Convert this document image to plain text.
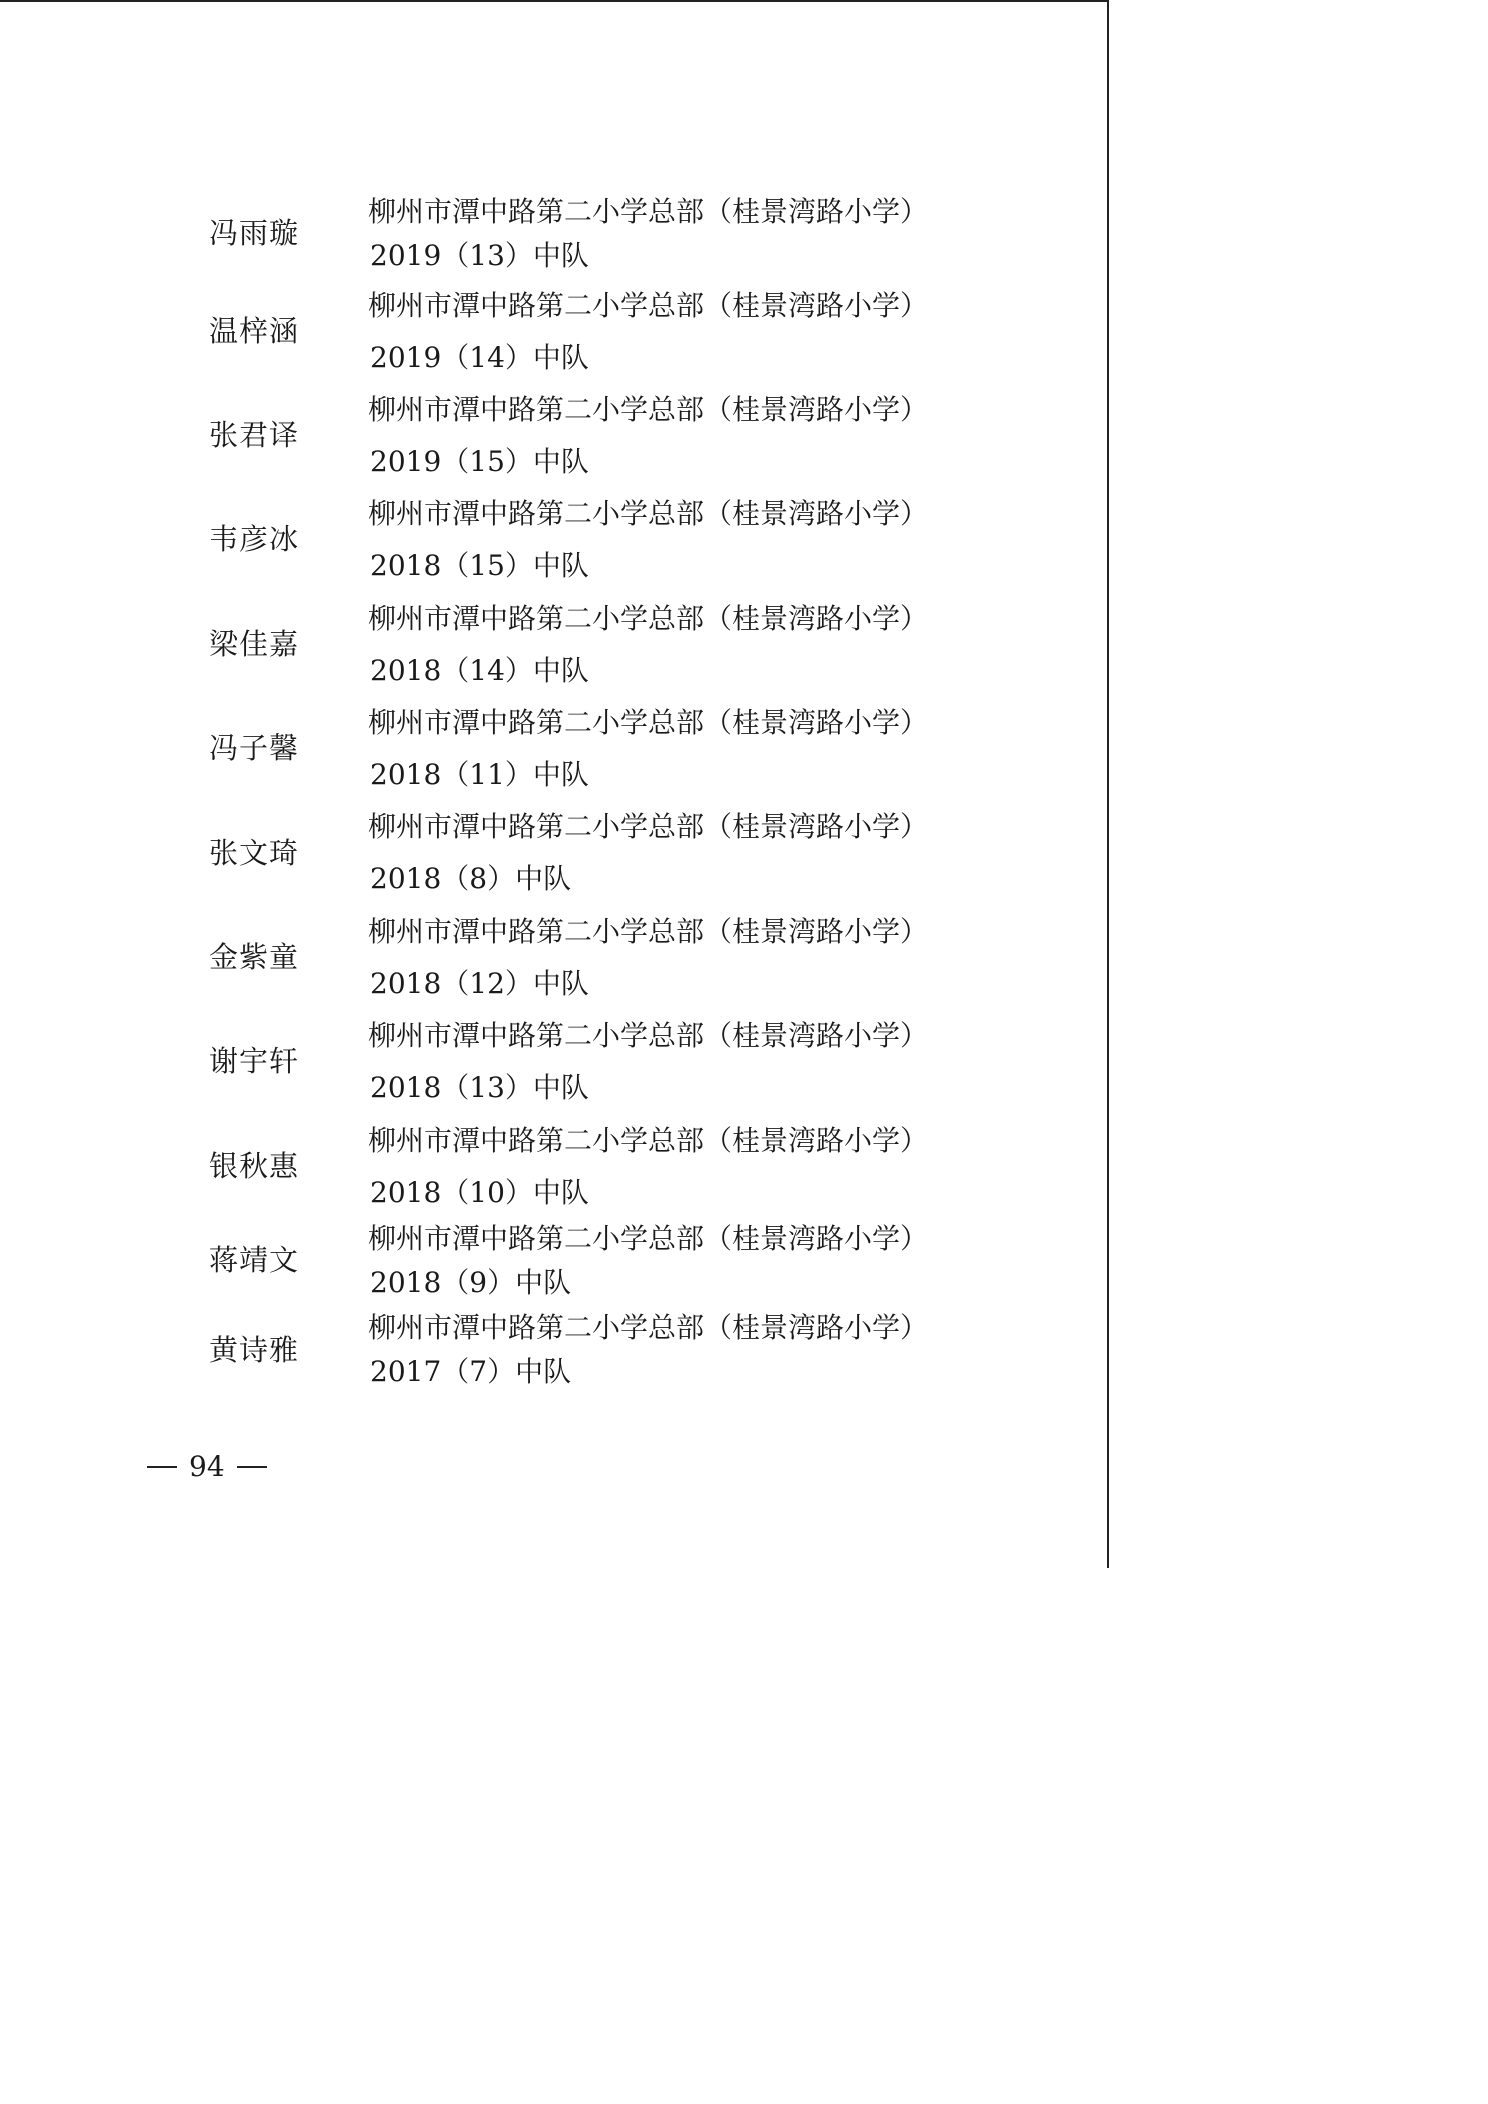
冯雨璇
柳州市潭中路第二小学总部（桂景湾路小学）
2019（13）中队
温梓涵
柳州市潭中路第二小学总部（桂景湾路小学）
2019（14）中队
张君译
柳州市潭中路第二小学总部（桂景湾路小学）
2019（15）中队
韦彦冰
柳州市潭中路第二小学总部（桂景湾路小学）
2018（15）中队
梁佳嘉
柳州市潭中路第二小学总部（桂景湾路小学）
2018（14）中队
冯子馨
柳州市潭中路第二小学总部（桂景湾路小学）
2018（11）中队
张文琦
柳州市潭中路第二小学总部（桂景湾路小学）
2018（8）中队
金紫童
柳州市潭中路第二小学总部（桂景湾路小学）
2018（12）中队
谢宇轩
柳州市潭中路第二小学总部（桂景湾路小学）
2018（13）中队
银秋惠
柳州市潭中路第二小学总部（桂景湾路小学）
2018（10）中队
蒋靖文
柳州市潭中路第二小学总部（桂景湾路小学）
2018（9）中队
黄诗雅
柳州市潭中路第二小学总部（桂景湾路小学）
2017（7）中队
94
